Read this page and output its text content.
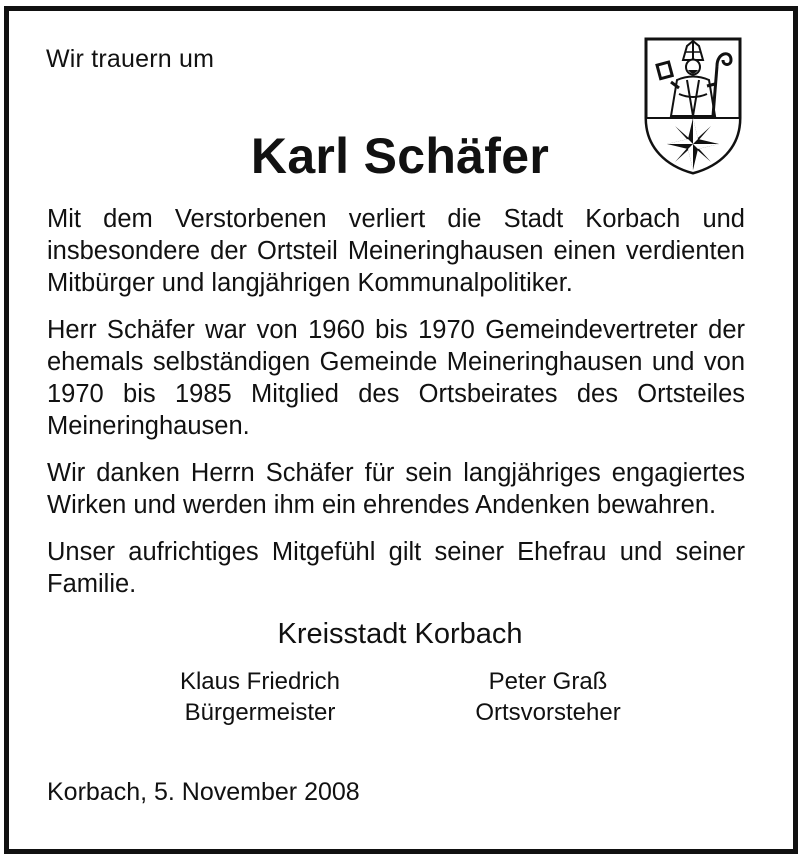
Wir trauern um
Karl Schäfer

Mit dem Verstorbenen verliert die Stadt Korbach und insbesondere der Ortsteil Meineringhausen einen verdienten Mitbürger und langjährigen Kommunalpolitiker.

Herr Schäfer war von 1960 bis 1970 Gemeindevertreter der ehemals selbständigen Gemeinde Meineringhausen und von 1970 bis 1985 Mitglied des Ortsbeirates des Ortsteiles Meineringhausen.

Wir danken Herrn Schäfer für sein langjähriges engagiertes Wirken und werden ihm ein ehrendes Andenken bewahren.

Unser aufrichtiges Mitgefühl gilt seiner Ehefrau und seiner Familie.

Kreisstadt Korbach
Klaus Friedrich
Bürgermeister
Peter Graß
Ortsvorsteher
Korbach, 5. November 2008
